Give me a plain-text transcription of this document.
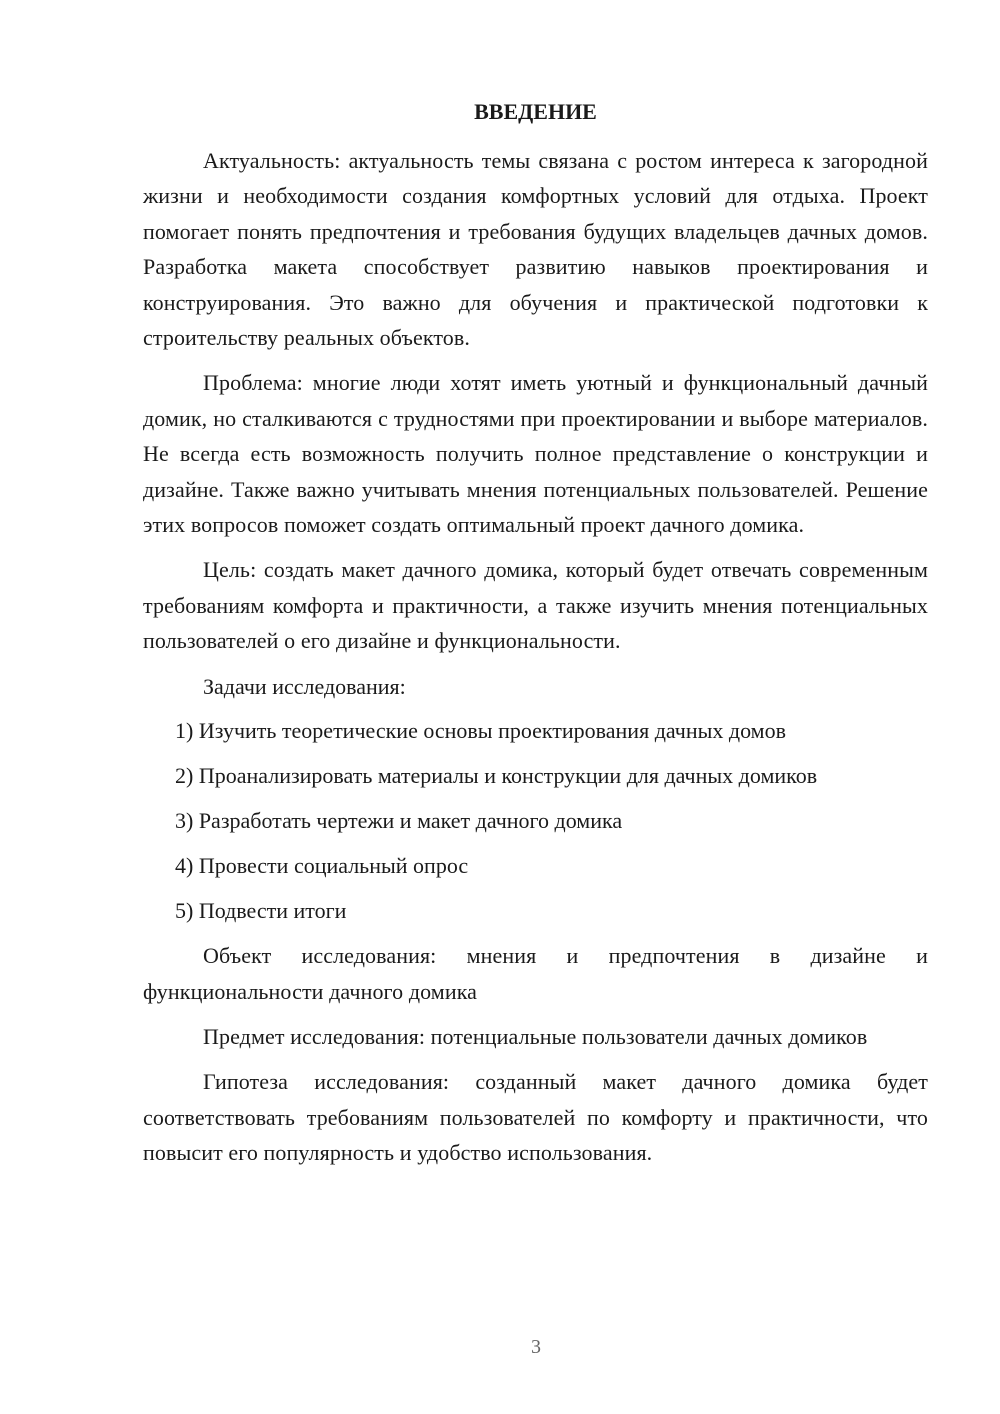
ВВЕДЕНИЕ

Актуальность: актуальность темы связана с ростом интереса к загородной жизни и необходимости создания комфортных условий для отдыха. Проект помогает понять предпочтения и требования будущих владельцев дачных домов. Разработка макета способствует развитию навыков проектирования и конструирования. Это важно для обучения и практической подготовки к строительству реальных объектов.

Проблема: многие люди хотят иметь уютный и функциональный дачный домик, но сталкиваются с трудностями при проектировании и выборе материалов. Не всегда есть возможность получить полное представление о конструкции и дизайне. Также важно учитывать мнения потенциальных пользователей. Решение этих вопросов поможет создать оптимальный проект дачного домика.

Цель: создать макет дачного домика, который будет отвечать современным требованиям комфорта и практичности, а также изучить мнения потенциальных пользователей о его дизайне и функциональности.

Задачи исследования:

1) Изучить теоретические основы проектирования дачных домов

2) Проанализировать материалы и конструкции для дачных домиков

3) Разработать чертежи и макет дачного домика

4) Провести социальный опрос

5) Подвести итоги

Объект исследования: мнения и предпочтения в дизайне и функциональности дачного домика

Предмет исследования: потенциальные пользователи дачных домиков

Гипотеза исследования: созданный макет дачного домика будет соответствовать требованиям пользователей по комфорту и практичности, что повысит его популярность и удобство использования.

3
